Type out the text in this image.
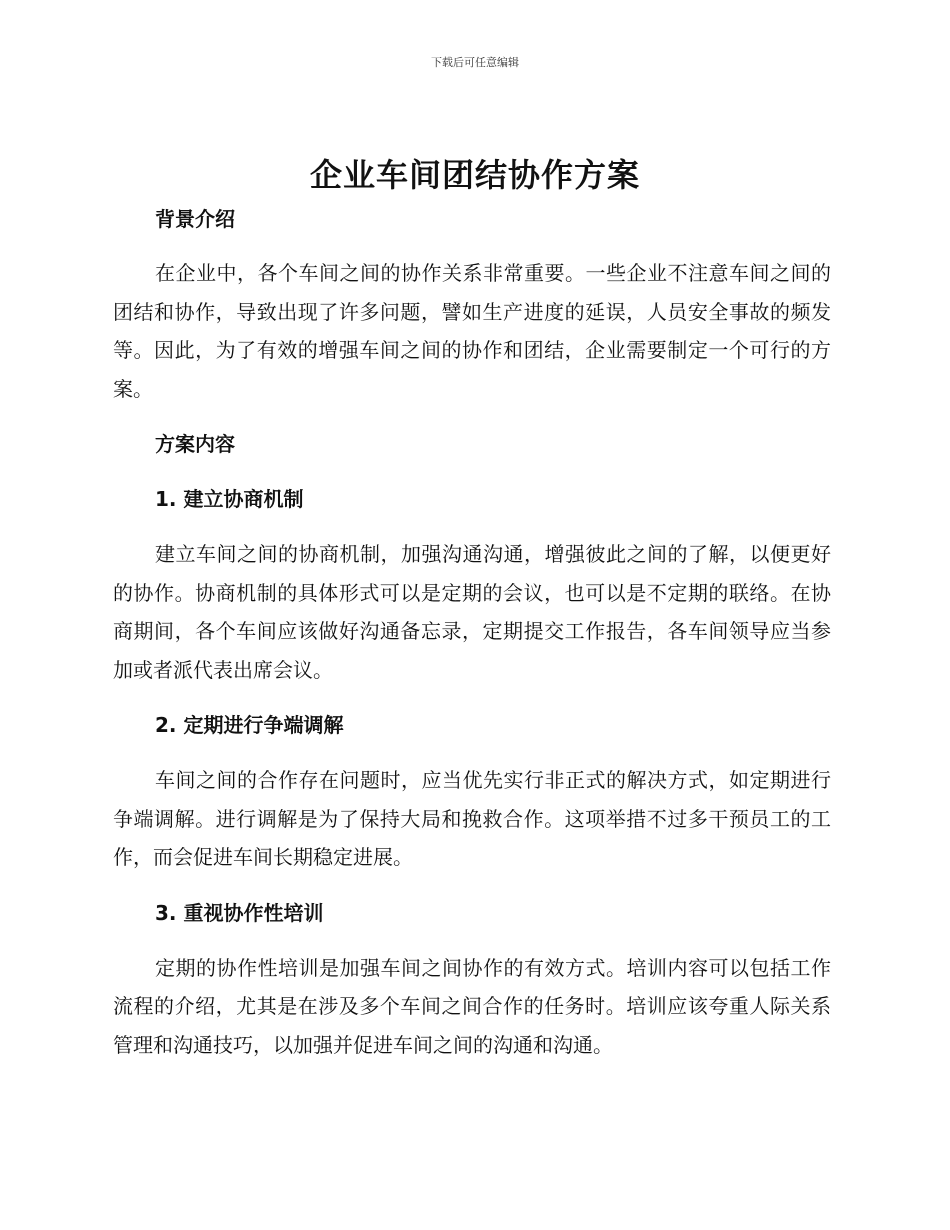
下载后可任意编辑
企业车间团结协作方案
背景介绍

在企业中，各个车间之间的协作关系非常重要。一些企业不注意车间之间的团结和协作，导致出现了许多问题，譬如生产进度的延误，人员安全事故的频发等。因此，为了有效的增强车间之间的协作和团结，企业需要制定一个可行的方案。

方案内容
1. 建立协商机制

建立车间之间的协商机制，加强沟通沟通，增强彼此之间的了解，以便更好的协作。协商机制的具体形式可以是定期的会议，也可以是不定期的联络。在协商期间，各个车间应该做好沟通备忘录，定期提交工作报告，各车间领导应当参加或者派代表出席会议。

2. 定期进行争端调解

车间之间的合作存在问题时，应当优先实行非正式的解决方式，如定期进行争端调解。进行调解是为了保持大局和挽救合作。这项举措不过多干预员工的工作，而会促进车间长期稳定进展。

3. 重视协作性培训

定期的协作性培训是加强车间之间协作的有效方式。培训内容可以包括工作流程的介绍，尤其是在涉及多个车间之间合作的任务时。培训应该夸重人际关系管理和沟通技巧，以加强并促进车间之间的沟通和沟通。
